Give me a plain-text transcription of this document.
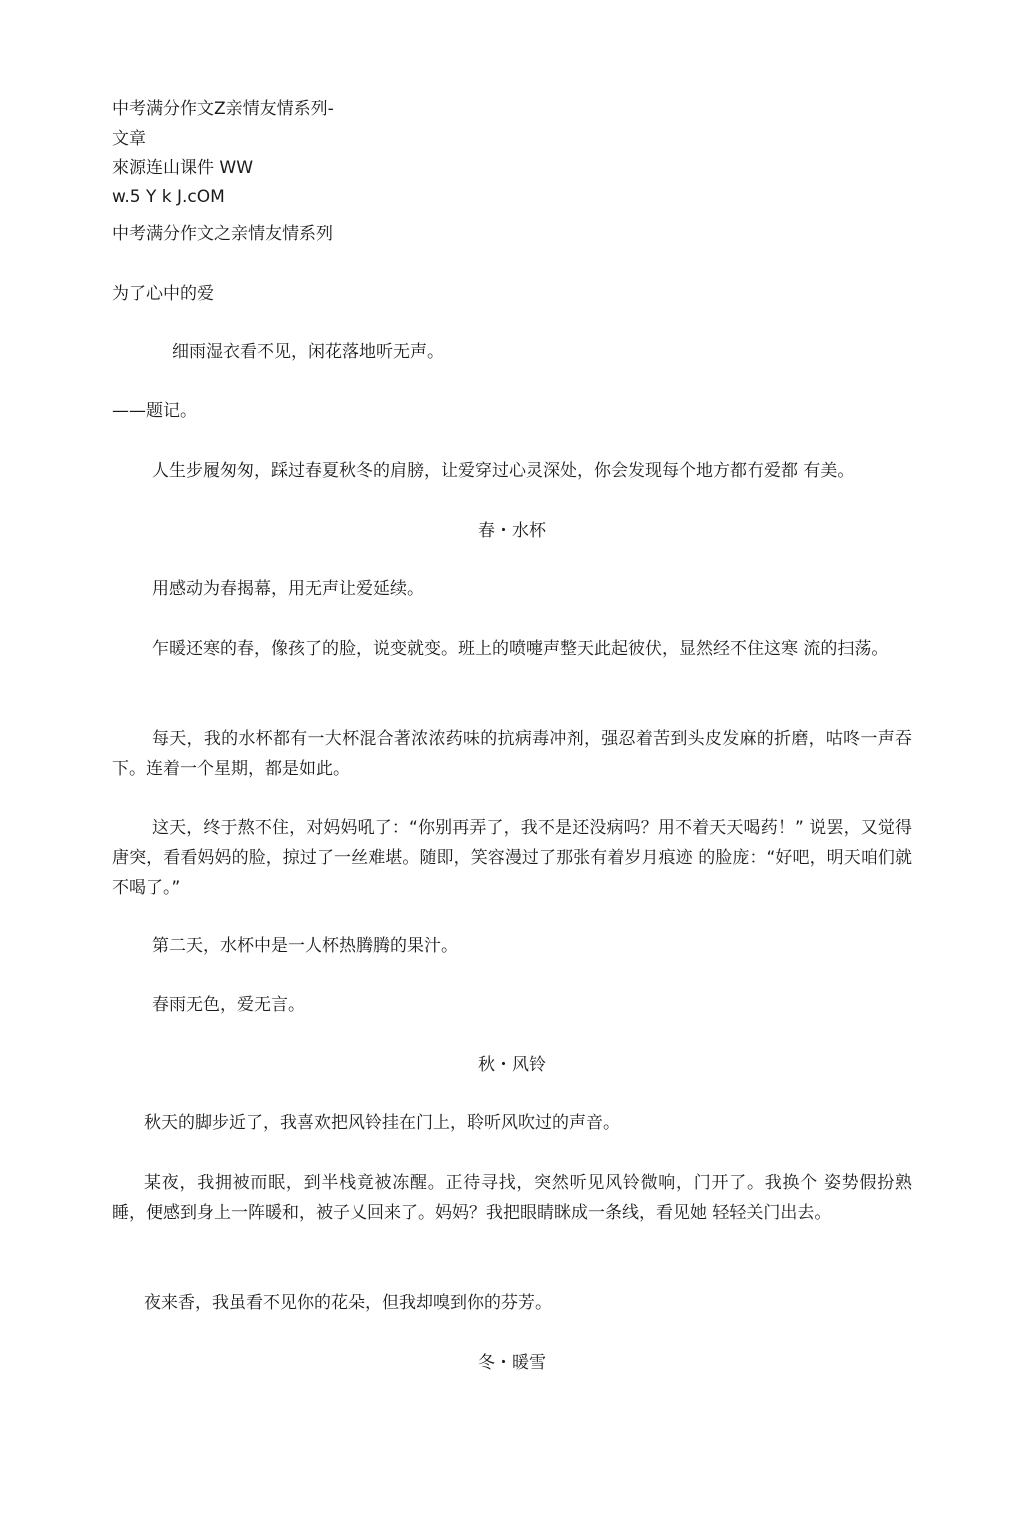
中考满分作文Z亲情友情系列-

文章

來源连山课件 WW

w.5 Y k J.cOM

中考满分作文之亲情友情系列

为了心中的爱

细雨湿衣看不见，闲花落地听无声。

——题记。

人生步履匆匆，踩过春夏秋冬的肩膀，让爱穿过心灵深处，你会发现每个地方都冇爱都 有美。

春・水杯

用感动为春揭幕，用无声让爱延续。

乍暖还寒的春，像孩了的脸，说变就变。班上的喷嚏声整天此起彼伏，显然经不住这寒 流的扫荡。

每天，我的水杯都有一大杯混合著浓浓药味的抗病毒冲剂，强忍着苦到头皮发麻的折磨，咕咚一声吞下。连着一个星期，都是如此。

这天，终于熬不住，对妈妈吼了：“你别再弄了，我不是还没病吗？用不着天天喝药！” 说罢，又觉得唐突，看看妈妈的脸，掠过了一丝难堪。随即，笑容漫过了那张有着岁月痕迹 的脸庞：“好吧，明天咱们就不喝了。”

第二天，水杯中是一人杯热腾腾的果汁。

春雨无色，爱无言。

秋・风铃

秋天的脚步近了，我喜欢把风铃挂在门上，聆听风吹过的声音。

某夜，我拥被而眠，到半栈竟被冻醒。正待寻找，突然听见风铃微响，门开了。我换个 姿势假扮熟睡，便感到身上一阵暖和，被子乂回来了。妈妈？我把眼睛眯成一条线，看见她 轻轻关门出去。

夜来香，我虽看不见你的花朵，但我却嗅到你的芬芳。

冬・暖雪
